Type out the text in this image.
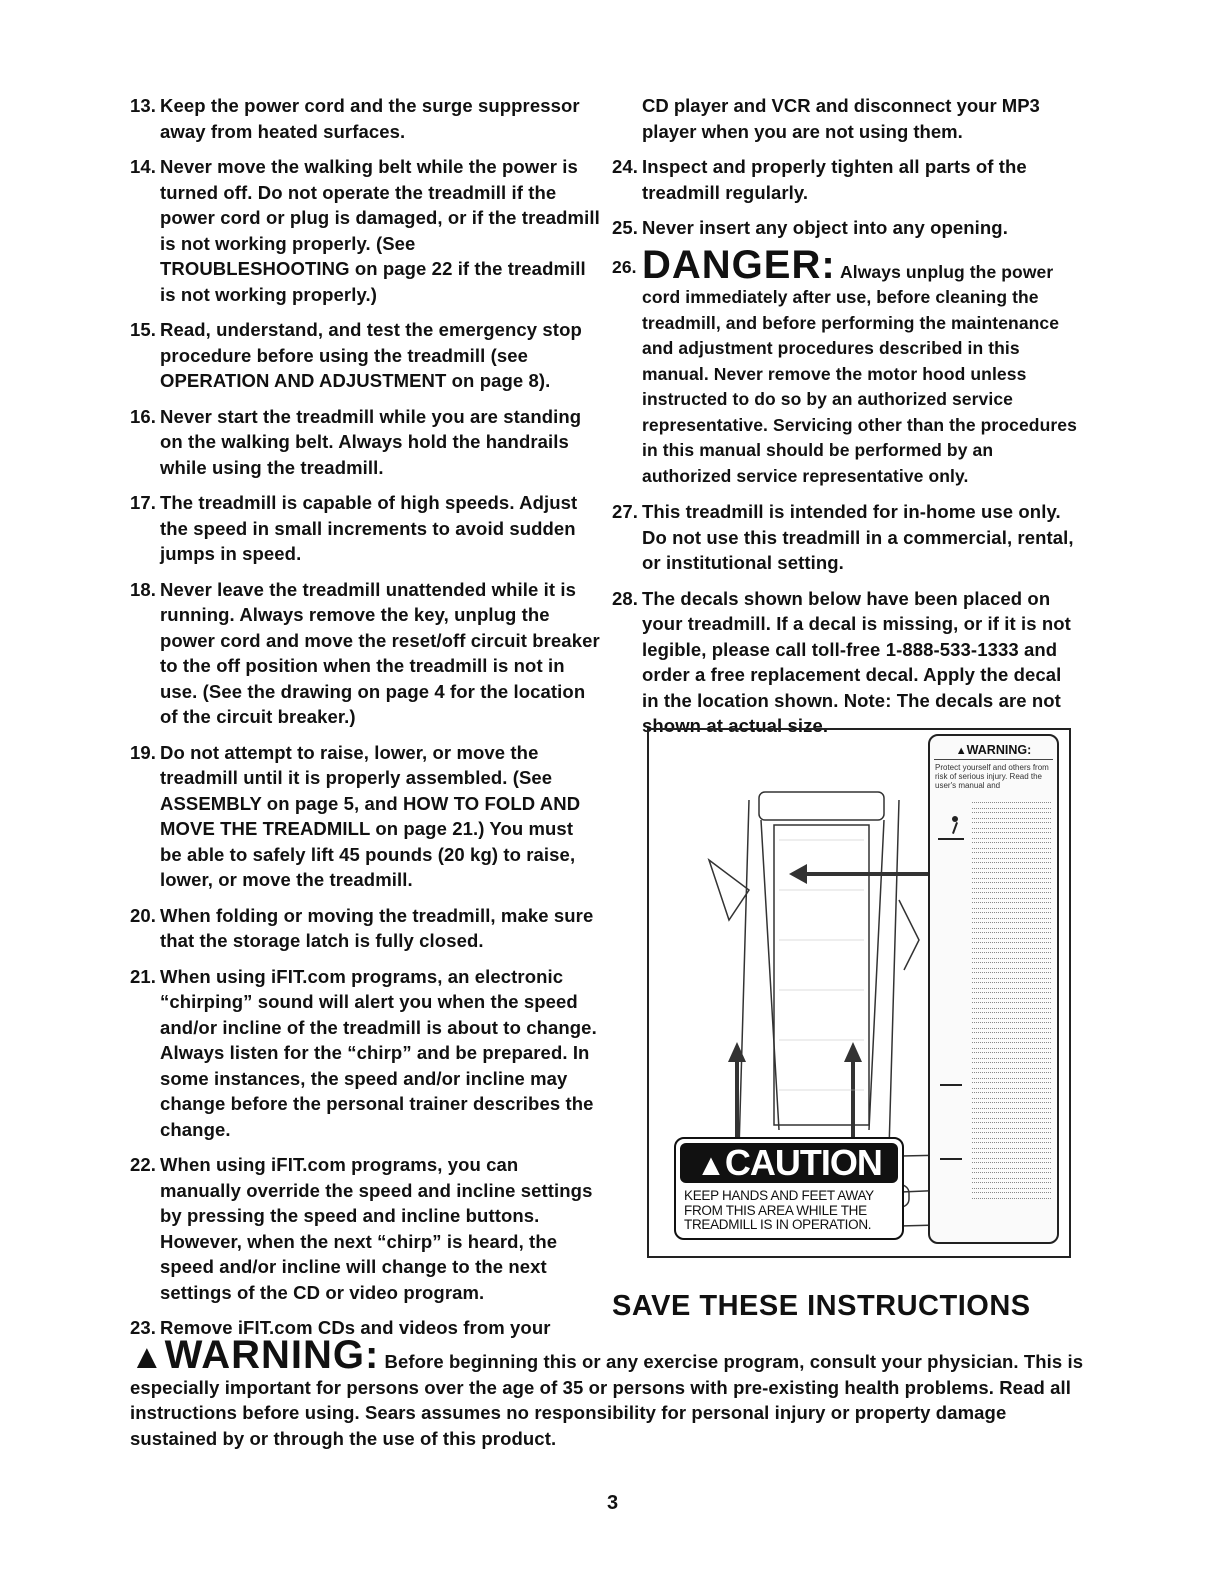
13. Keep the power cord and the surge suppressor away from heated surfaces.
14. Never move the walking belt while the power is turned off. Do not operate the treadmill if the power cord or plug is damaged, or if the treadmill is not working properly. (See TROUBLESHOOTING on page 22 if the treadmill is not working properly.)
15. Read, understand, and test the emergency stop procedure before using the treadmill (see OPERATION AND ADJUSTMENT on page 8).
16. Never start the treadmill while you are standing on the walking belt. Always hold the handrails while using the treadmill.
17. The treadmill is capable of high speeds. Adjust the speed in small increments to avoid sudden jumps in speed.
18. Never leave the treadmill unattended while it is running. Always remove the key, unplug the power cord and move the reset/off circuit breaker to the off position when the treadmill is not in use. (See the drawing on page 4 for the location of the circuit breaker.)
19. Do not attempt to raise, lower, or move the treadmill until it is properly assembled. (See ASSEMBLY on page 5, and HOW TO FOLD AND MOVE THE TREADMILL on page 21.) You must be able to safely lift 45 pounds (20 kg) to raise, lower, or move the treadmill.
20. When folding or moving the treadmill, make sure that the storage latch is fully closed.
21. When using iFIT.com programs, an electronic “chirping” sound will alert you when the speed and/or incline of the treadmill is about to change. Always listen for the “chirp” and be prepared. In some instances, the speed and/or incline may change before the personal trainer describes the change.
22. When using iFIT.com programs, you can manually override the speed and incline settings by pressing the speed and incline buttons. However, when the next “chirp” is heard, the speed and/or incline will change to the next settings of the CD or video program.
23. Remove iFIT.com CDs and videos from your
CD player and VCR and disconnect your MP3 player when you are not using them.
24. Inspect and properly tighten all parts of the treadmill regularly.
25. Never insert any object into any opening.
26. DANGER: Always unplug the power cord immediately after use, before cleaning the treadmill, and before performing the maintenance and adjustment procedures described in this manual. Never remove the motor hood unless instructed to do so by an authorized service representative. Servicing other than the procedures in this manual should be performed by an authorized service representative only.
27. This treadmill is intended for in-home use only. Do not use this treadmill in a commercial, rental, or institutional setting.
28. The decals shown below have been placed on your treadmill. If a decal is missing, or if it is not legible, please call toll-free 1-888-533-1333 and order a free replacement decal. Apply the decal in the location shown. Note: The decals are not shown at actual size.
▲WARNING:
Protect yourself and others from risk of serious injury. Read the user's manual and
▲CAUTION
KEEP HANDS AND FEET AWAY FROM THIS AREA WHILE THE TREADMILL IS IN OPERATION.
SAVE THESE INSTRUCTIONS
▲WARNING: Before beginning this or any exercise program, consult your physician. This is especially important for persons over the age of 35 or persons with pre-existing health problems. Read all instructions before using. Sears assumes no responsibility for personal injury or property damage sustained by or through the use of this product.
3
